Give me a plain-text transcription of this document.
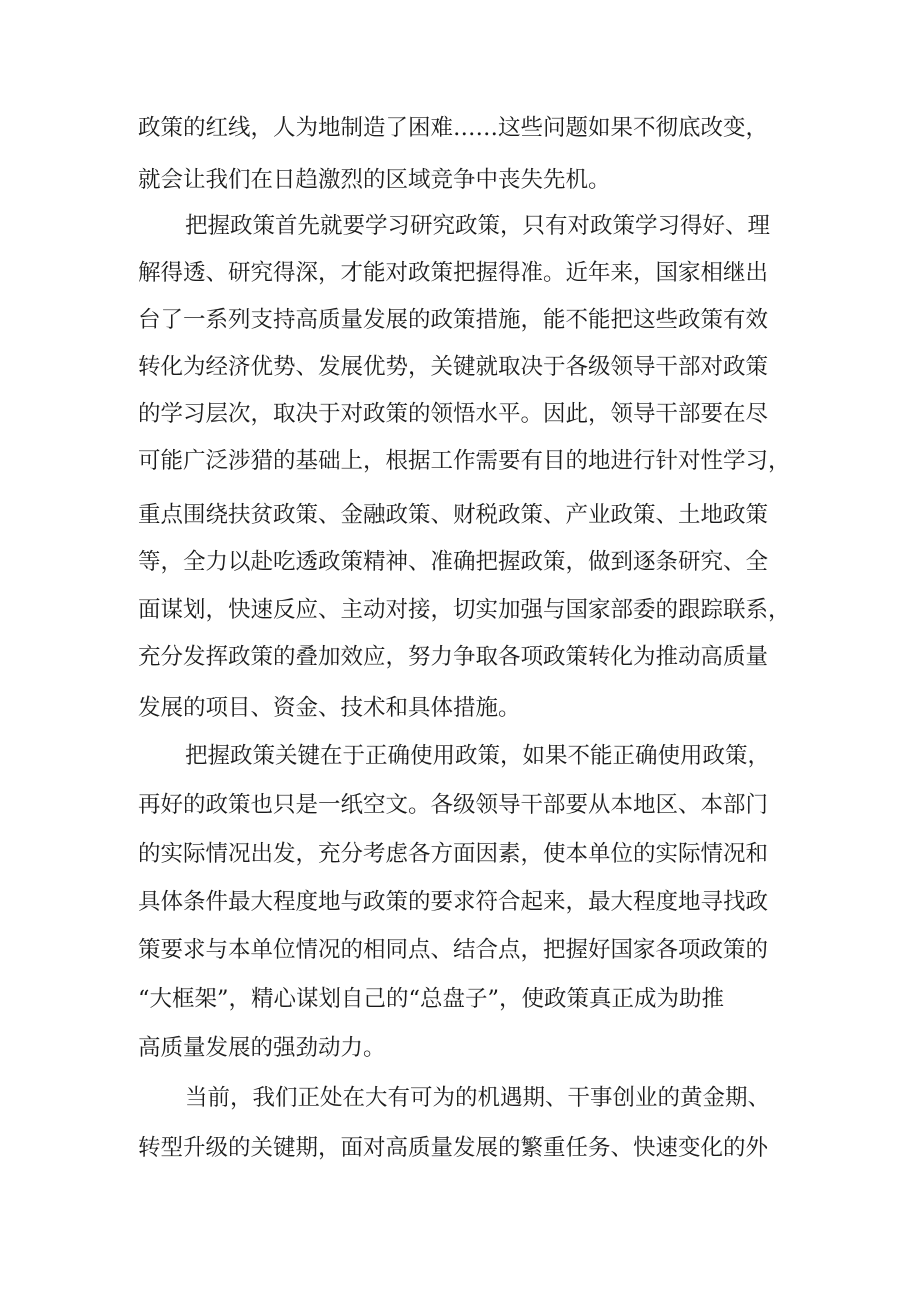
政策的红线，人为地制造了困难……这些问题如果不彻底改变，
就会让我们在日趋激烈的区域竞争中丧失先机。
把握政策首先就要学习研究政策，只有对政策学习得好、理
解得透、研究得深，才能对政策把握得准。近年来，国家相继出
台了一系列支持高质量发展的政策措施，能不能把这些政策有效
转化为经济优势、发展优势，关键就取决于各级领导干部对政策
的学习层次，取决于对政策的领悟水平。因此，领导干部要在尽
可能广泛涉猎的基础上，根据工作需要有目的地进行针对性学习，
重点围绕扶贫政策、金融政策、财税政策、产业政策、土地政策
等，全力以赴吃透政策精神、准确把握政策，做到逐条研究、全
面谋划，快速反应、主动对接，切实加强与国家部委的跟踪联系，
充分发挥政策的叠加效应，努力争取各项政策转化为推动高质量
发展的项目、资金、技术和具体措施。
把握政策关键在于正确使用政策，如果不能正确使用政策，
再好的政策也只是一纸空文。各级领导干部要从本地区、本部门
的实际情况出发，充分考虑各方面因素，使本单位的实际情况和
具体条件最大程度地与政策的要求符合起来，最大程度地寻找政
策要求与本单位情况的相同点、结合点，把握好国家各项政策的
“大框架”，精心谋划自己的“总盘子”，使政策真正成为助推
高质量发展的强劲动力。
当前，我们正处在大有可为的机遇期、干事创业的黄金期、
转型升级的关键期，面对高质量发展的繁重任务、快速变化的外
